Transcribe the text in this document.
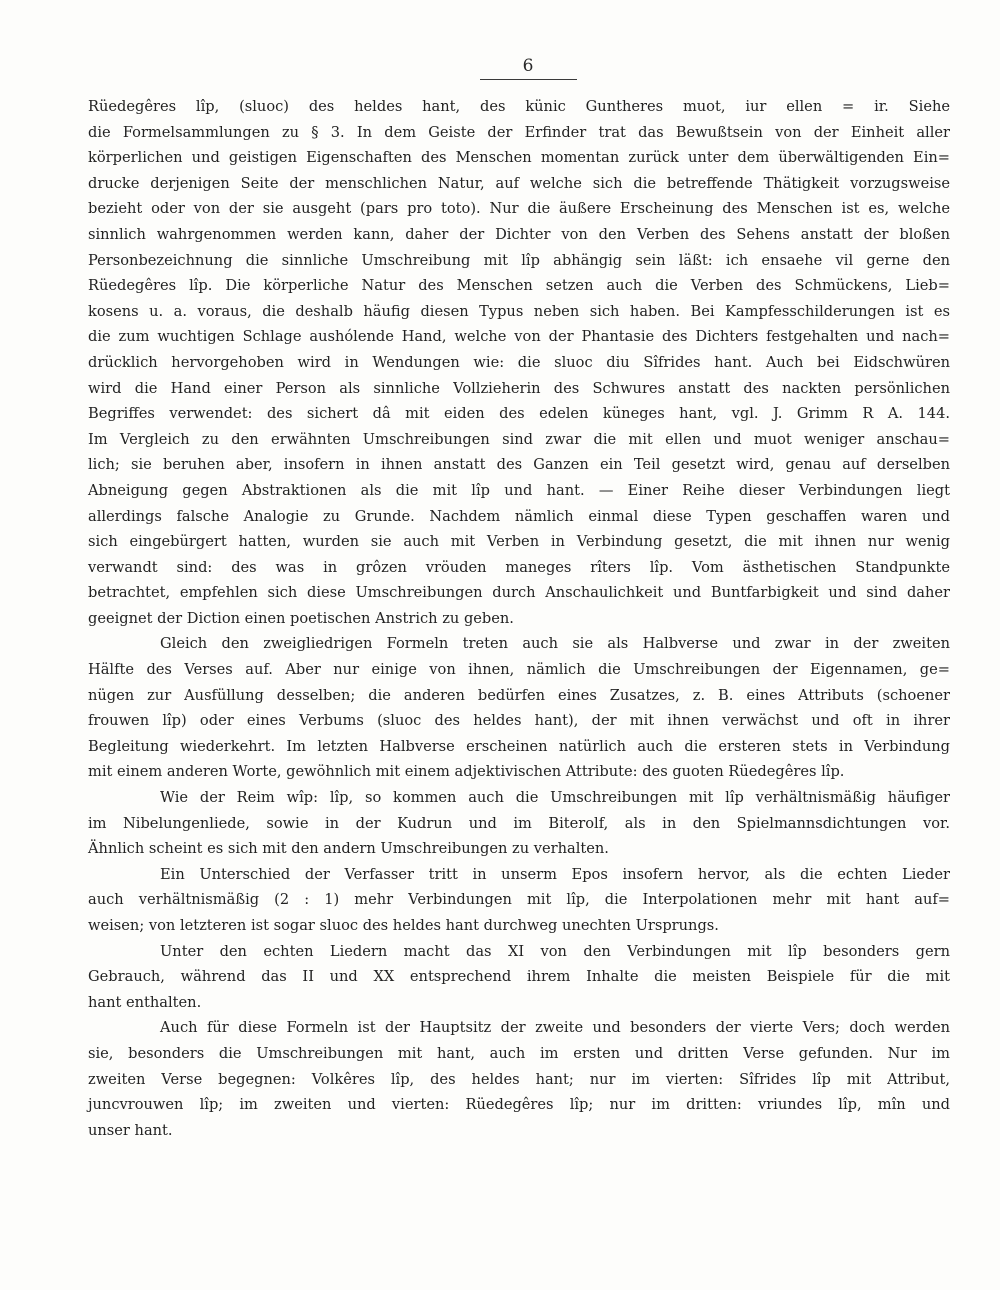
6
Rüedegêres lîp, (sluoc) des heldes hant, des künic Guntheres muot, iur ellen = ir. Siehe
die Formelsammlungen zu § 3. In dem Geiste der Erfinder trat das Bewußtsein von der Einheit aller
körperlichen und geistigen Eigenschaften des Menschen momentan zurück unter dem überwältigenden Ein=
drucke derjenigen Seite der menschlichen Natur, auf welche sich die betreffende Thätigkeit vorzugsweise
bezieht oder von der sie ausgeht (pars pro toto). Nur die äußere Erscheinung des Menschen ist es, welche
sinnlich wahrgenommen werden kann, daher der Dichter von den Verben des Sehens anstatt der bloßen
Personbezeichnung die sinnliche Umschreibung mit lîp abhängig sein läßt: ich ensaehe vil gerne den
Rüedegêres lîp. Die körperliche Natur des Menschen setzen auch die Verben des Schmückens, Lieb=
kosens u. a. voraus, die deshalb häufig diesen Typus neben sich haben. Bei Kampfesschilderungen ist es
die zum wuchtigen Schlage aushólende Hand, welche von der Phantasie des Dichters festgehalten und nach=
drücklich hervorgehoben wird in Wendungen wie: die sluoc diu Sîfrides hant. Auch bei Eidschwüren
wird die Hand einer Person als sinnliche Vollzieherin des Schwures anstatt des nackten persönlichen
Begriffes verwendet: des sichert dâ mit eiden des edelen küneges hant, vgl. J. Grimm R A. 144.
Im Vergleich zu den erwähnten Umschreibungen sind zwar die mit ellen und muot weniger anschau=
lich; sie beruhen aber, insofern in ihnen anstatt des Ganzen ein Teil gesetzt wird, genau auf derselben
Abneigung gegen Abstraktionen als die mit lîp und hant. — Einer Reihe dieser Verbindungen liegt
allerdings falsche Analogie zu Grunde. Nachdem nämlich einmal diese Typen geschaffen waren und
sich eingebürgert hatten, wurden sie auch mit Verben in Verbindung gesetzt, die mit ihnen nur wenig
verwandt sind: des was in grôzen vröuden maneges rîters lîp. Vom ästhetischen Standpunkte
betrachtet, empfehlen sich diese Umschreibungen durch Anschaulichkeit und Buntfarbigkeit und sind daher
geeignet der Diction einen poetischen Anstrich zu geben.
Gleich den zweigliedrigen Formeln treten auch sie als Halbverse und zwar in der zweiten
Hälfte des Verses auf. Aber nur einige von ihnen, nämlich die Umschreibungen der Eigennamen, ge=
nügen zur Ausfüllung desselben; die anderen bedürfen eines Zusatzes, z. B. eines Attributs (schoener
frouwen lîp) oder eines Verbums (sluoc des heldes hant), der mit ihnen verwächst und oft in ihrer
Begleitung wiederkehrt. Im letzten Halbverse erscheinen natürlich auch die ersteren stets in Verbindung
mit einem anderen Worte, gewöhnlich mit einem adjektivischen Attribute: des guoten Rüedegêres lîp.
Wie der Reim wîp: lîp, so kommen auch die Umschreibungen mit lîp verhältnismäßig häufiger
im Nibelungenliede, sowie in der Kudrun und im Biterolf, als in den Spielmannsdichtungen vor.
Ähnlich scheint es sich mit den andern Umschreibungen zu verhalten.
Ein Unterschied der Verfasser tritt in unserm Epos insofern hervor, als die echten Lieder
auch verhältnismäßig (2 : 1) mehr Verbindungen mit lîp, die Interpolationen mehr mit hant auf=
weisen; von letzteren ist sogar sluoc des heldes hant durchweg unechten Ursprungs.
Unter den echten Liedern macht das XI von den Verbindungen mit lîp besonders gern
Gebrauch, während das II und XX entsprechend ihrem Inhalte die meisten Beispiele für die mit
hant enthalten.
Auch für diese Formeln ist der Hauptsitz der zweite und besonders der vierte Vers; doch werden
sie, besonders die Umschreibungen mit hant, auch im ersten und dritten Verse gefunden. Nur im
zweiten Verse begegnen: Volkêres lîp, des heldes hant; nur im vierten: Sîfrides lîp mit Attribut,
juncvrouwen lîp; im zweiten und vierten: Rüedegêres lîp; nur im dritten: vriundes lîp, mîn und
unser hant.
